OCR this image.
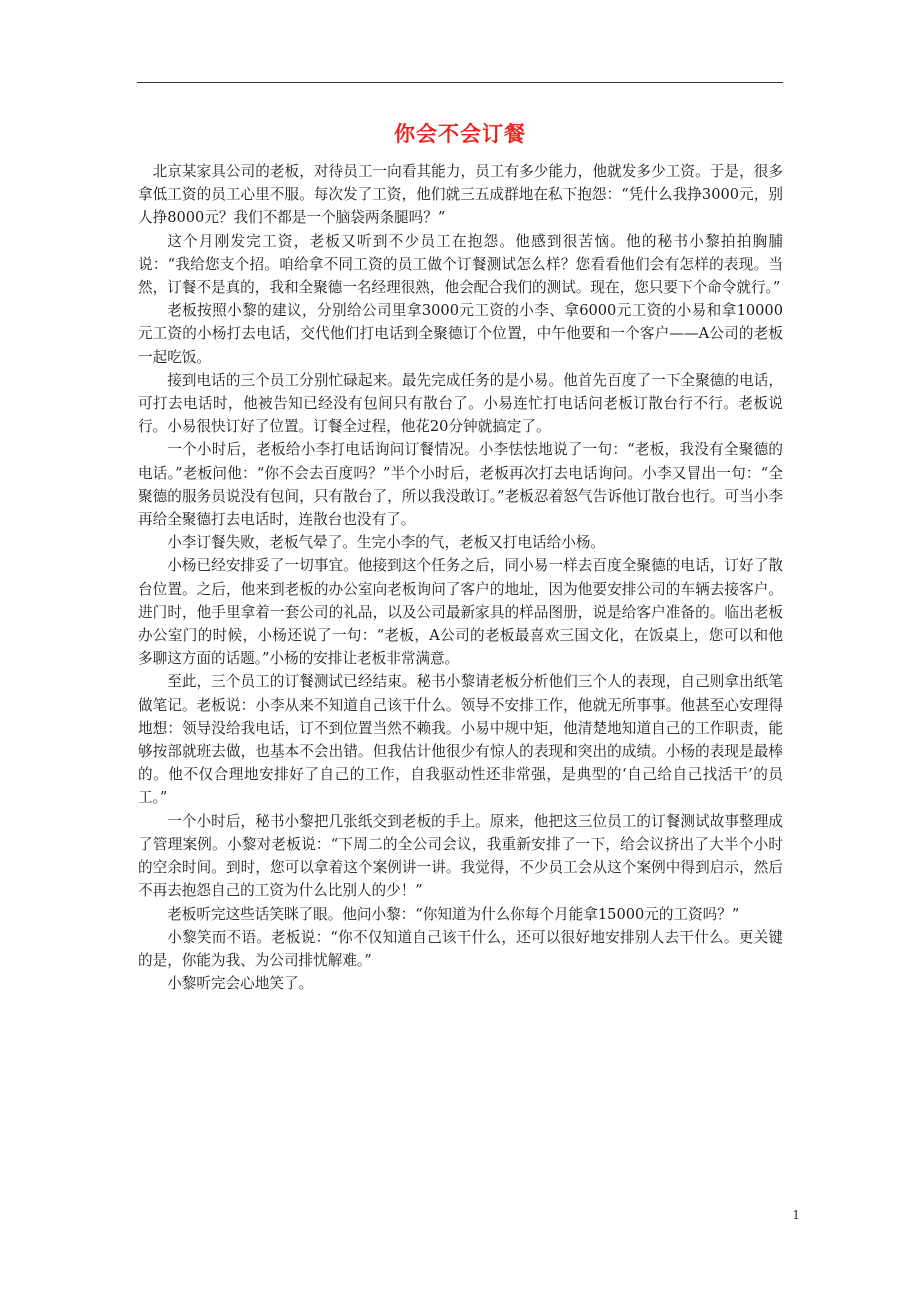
你会不会订餐

北京某家具公司的老板，对待员工一向看其能力，员工有多少能力，他就发多少工资。于是，很多拿低工资的员工心里不服。每次发了工资，他们就三五成群地在私下抱怨：“凭什么我挣3000元，别人挣8000元？我们不都是一个脑袋两条腿吗？”

这个月刚发完工资，老板又听到不少员工在抱怨。他感到很苦恼。他的秘书小黎拍拍胸脯说：“我给您支个招。咱给拿不同工资的员工做个订餐测试怎么样？您看看他们会有怎样的表现。当然，订餐不是真的，我和全聚德一名经理很熟，他会配合我们的测试。现在，您只要下个命令就行。”

老板按照小黎的建议，分别给公司里拿3000元工资的小李、拿6000元工资的小易和拿10000元工资的小杨打去电话，交代他们打电话到全聚德订个位置，中午他要和一个客户——A公司的老板一起吃饭。

接到电话的三个员工分别忙碌起来。最先完成任务的是小易。他首先百度了一下全聚德的电话，可打去电话时，他被告知已经没有包间只有散台了。小易连忙打电话问老板订散台行不行。老板说行。小易很快订好了位置。订餐全过程，他花20分钟就搞定了。

一个小时后，老板给小李打电话询问订餐情况。小李怯怯地说了一句：“老板，我没有全聚德的电话。”老板问他：“你不会去百度吗？”半个小时后，老板再次打去电话询问。小李又冒出一句：“全聚德的服务员说没有包间，只有散台了，所以我没敢订。”老板忍着怒气告诉他订散台也行。可当小李再给全聚德打去电话时，连散台也没有了。

小李订餐失败，老板气晕了。生完小李的气，老板又打电话给小杨。

小杨已经安排妥了一切事宜。他接到这个任务之后，同小易一样去百度全聚德的电话，订好了散台位置。之后，他来到老板的办公室向老板询问了客户的地址，因为他要安排公司的车辆去接客户。进门时，他手里拿着一套公司的礼品，以及公司最新家具的样品图册，说是给客户准备的。临出老板办公室门的时候，小杨还说了一句：“老板，A公司的老板最喜欢三国文化，在饭桌上，您可以和他多聊这方面的话题。”小杨的安排让老板非常满意。

至此，三个员工的订餐测试已经结束。秘书小黎请老板分析他们三个人的表现，自己则拿出纸笔做笔记。老板说：小李从来不知道自己该干什么。领导不安排工作，他就无所事事。他甚至心安理得地想：领导没给我电话，订不到位置当然不赖我。小易中规中矩，他清楚地知道自己的工作职责，能够按部就班去做，也基本不会出错。但我估计他很少有惊人的表现和突出的成绩。小杨的表现是最棒的。他不仅合理地安排好了自己的工作，自我驱动性还非常强，是典型的‘自己给自己找活干’的员工。”

一个小时后，秘书小黎把几张纸交到老板的手上。原来，他把这三位员工的订餐测试故事整理成了管理案例。小黎对老板说：“下周二的全公司会议，我重新安排了一下，给会议挤出了大半个小时的空余时间。到时，您可以拿着这个案例讲一讲。我觉得，不少员工会从这个案例中得到启示，然后不再去抱怨自己的工资为什么比别人的少！”

老板听完这些话笑眯了眼。他问小黎：“你知道为什么你每个月能拿15000元的工资吗？”

小黎笑而不语。老板说：“你不仅知道自己该干什么，还可以很好地安排别人去干什么。更关键的是，你能为我、为公司排忧解难。”

小黎听完会心地笑了。

1
